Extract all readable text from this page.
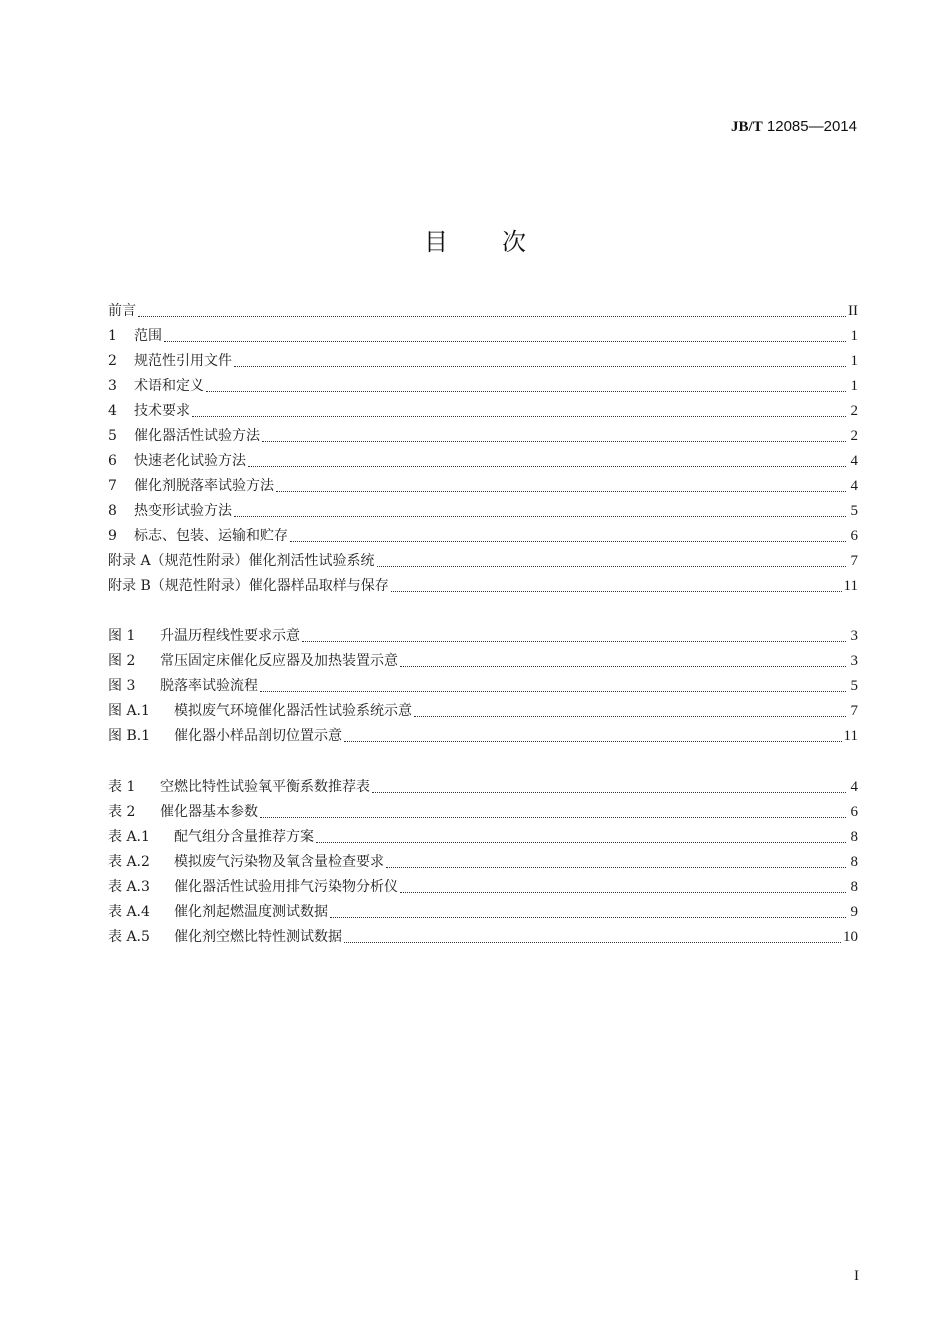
JB/T 12085—2014
目次
前言	II
1	范围	1
2	规范性引用文件	1
3	术语和定义	1
4	技术要求	2
5	催化器活性试验方法	2
6	快速老化试验方法	4
7	催化剂脱落率试验方法	4
8	热变形试验方法	5
9	标志、包装、运输和贮存	6
附录 A（规范性附录）催化剂活性试验系统	7
附录 B（规范性附录）催化器样品取样与保存	11
图 1	升温历程线性要求示意	3
图 2	常压固定床催化反应器及加热装置示意	3
图 3	脱落率试验流程	5
图 A.1	模拟废气环境催化器活性试验系统示意	7
图 B.1	催化器小样品剖切位置示意	11
表 1	空燃比特性试验氧平衡系数推荐表	4
表 2	催化器基本参数	6
表 A.1	配气组分含量推荐方案	8
表 A.2	模拟废气污染物及氧含量检查要求	8
表 A.3	催化器活性试验用排气污染物分析仪	8
表 A.4	催化剂起燃温度测试数据	9
表 A.5	催化剂空燃比特性测试数据	10
I
